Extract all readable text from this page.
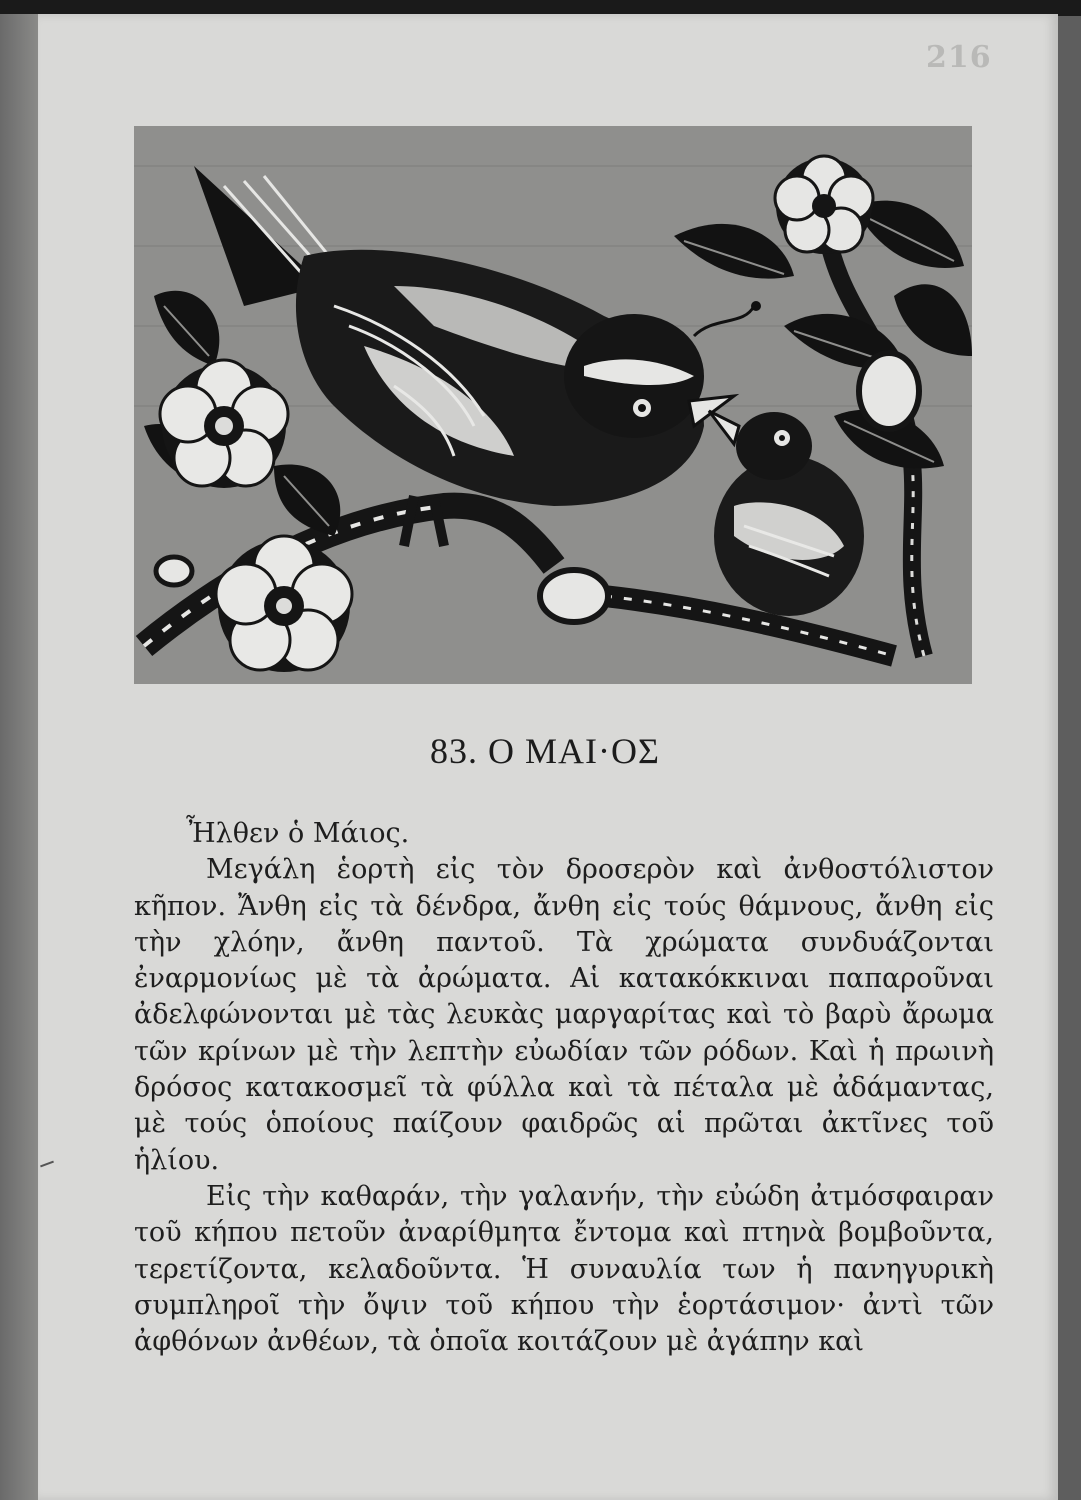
216
83. Ο ΜΑΙ·ΟΣ

Ἦλθεν ὁ Μάιος.

Μεγάλη ἑορτὴ εἰς τὸν δροσερὸν καὶ ἀνθοστόλιστον κῆπον. Ἄνθη εἰς τὰ δένδρα, ἄνθη εἰς τούς θάμνους, ἄνθη εἰς τὴν χλόην, ἄνθη παντοῦ. Τὰ χρώματα συνδυάζονται ἐναρμονίως μὲ τὰ ἀρώματα. Αἱ κατακόκκιναι παπαροῦναι ἀδελφώνονται μὲ τὰς λευκὰς μαργαρίτας καὶ τὸ βαρὺ ἄρωμα τῶν κρίνων μὲ τὴν λεπτὴν εὐωδίαν τῶν ρόδων. Καὶ ἡ πρωινὴ δρόσος κατακοσμεῖ τὰ φύλλα καὶ τὰ πέταλα μὲ ἀδάμαντας, μὲ τούς ὁποίους παίζουν φαιδρῶς αἱ πρῶται ἀκτῖνες τοῦ ἡλίου.

Εἰς τὴν καθαράν, τὴν γαλανήν, τὴν εὐώδη ἀτμόσφαιραν τοῦ κήπου πετοῦν ἀναρίθμητα ἔντομα καὶ πτηνὰ βομβοῦντα, τερετίζοντα, κελαδοῦντα. Ἡ συναυλία των ἡ πανηγυρικὴ συμπληροῖ τὴν ὄψιν τοῦ κήπου τὴν ἑορτάσιμον· ἀντὶ τῶν ἀφθόνων ἀνθέων, τὰ ὁποῖα κοιτάζουν μὲ ἀγάπην καὶ
